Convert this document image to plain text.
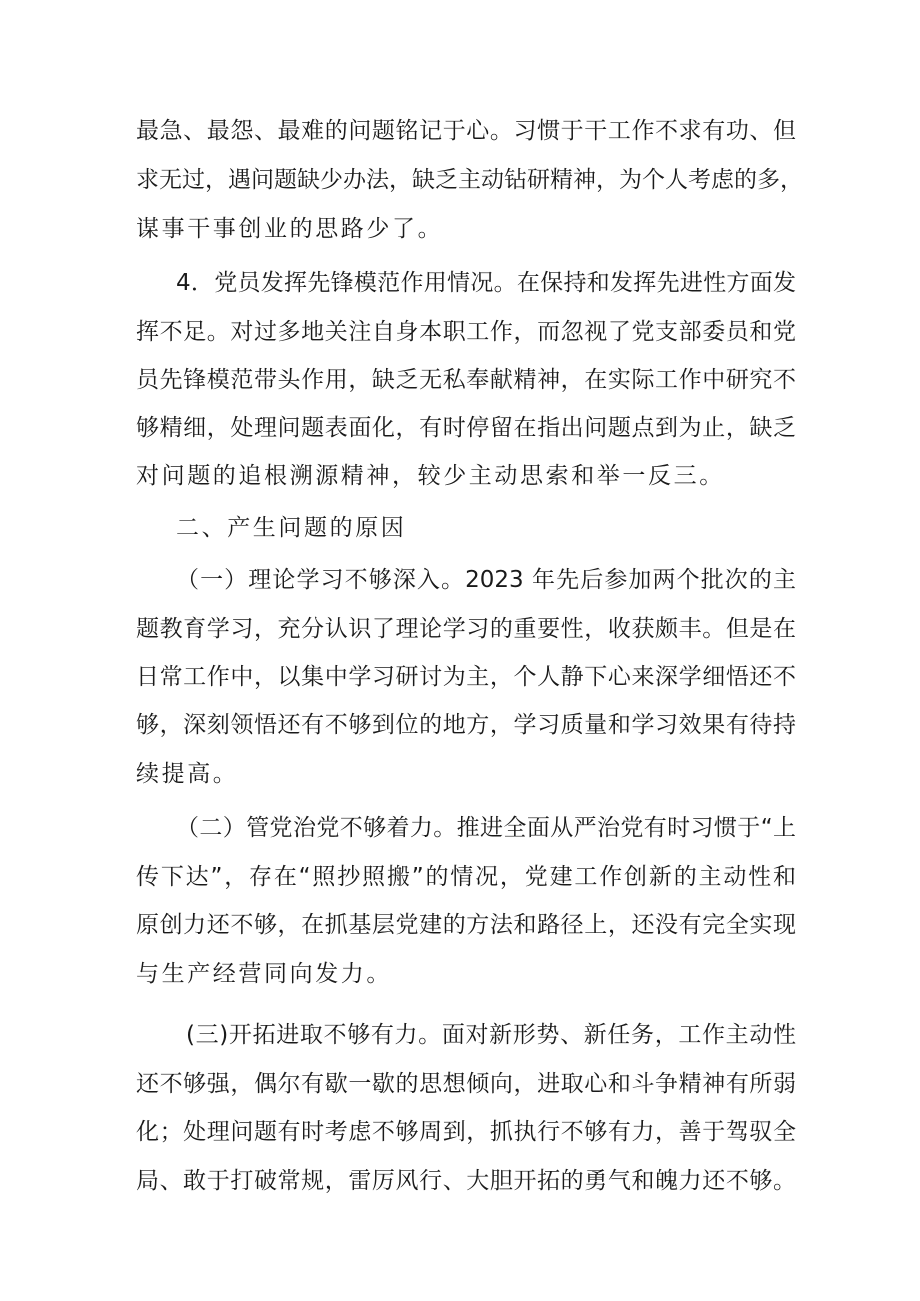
最急、最怨、最难的问题铭记于心。习惯于干工作不求有功、但
求无过，遇问题缺少办法，缺乏主动钻研精神，为个人考虑的多，
谋事干事创业的思路少了。
4．党员发挥先锋模范作用情况。在保持和发挥先进性方面发
挥不足。对过多地关注自身本职工作，而忽视了党支部委员和党
员先锋模范带头作用，缺乏无私奉献精神，在实际工作中研究不
够精细，处理问题表面化，有时停留在指出问题点到为止，缺乏
对问题的追根溯源精神，较少主动思索和举一反三。
二、产生问题的原因
（一）理论学习不够深入。2023 年先后参加两个批次的主
题教育学习，充分认识了理论学习的重要性，收获颇丰。但是在
日常工作中，以集中学习研讨为主，个人静下心来深学细悟还不
够，深刻领悟还有不够到位的地方，学习质量和学习效果有待持
续提高。
（二）管党治党不够着力。推进全面从严治党有时习惯于“上
传下达”，存在“照抄照搬”的情况，党建工作创新的主动性和
原创力还不够，在抓基层党建的方法和路径上，还没有完全实现
与生产经营同向发力。
(三)开拓进取不够有力。面对新形势、新任务，工作主动性
还不够强，偶尔有歇一歇的思想倾向，进取心和斗争精神有所弱
化；处理问题有时考虑不够周到，抓执行不够有力，善于驾驭全
局、敢于打破常规，雷厉风行、大胆开拓的勇气和魄力还不够。
